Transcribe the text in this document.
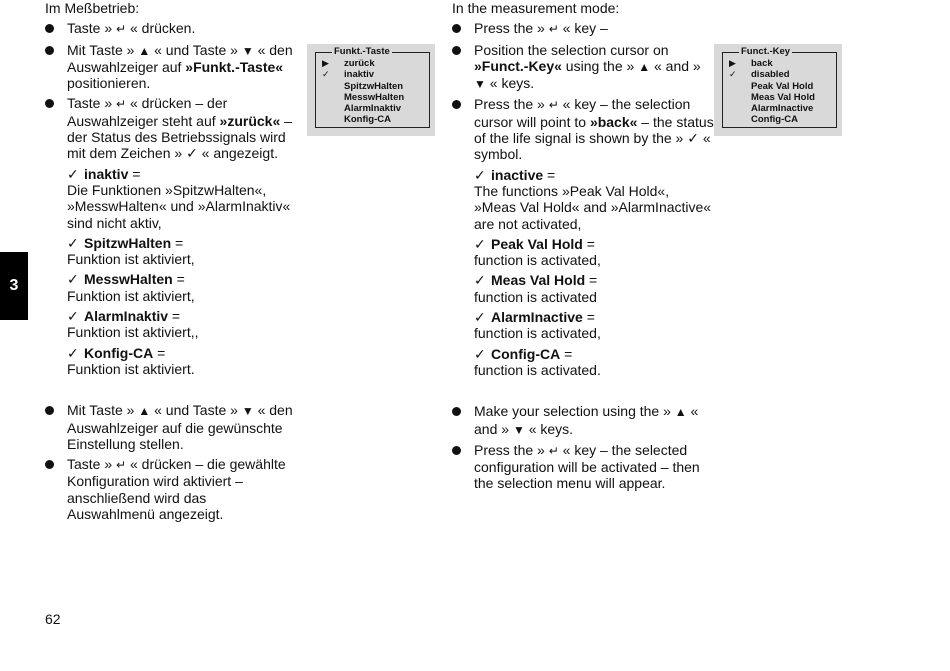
3

Im Meßbetrieb:

Taste » ↵ « drücken.

Mit Taste » ▲ « und Taste » ▼ « den Auswahlzeiger auf »Funkt.-Taste« positionieren.

Taste » ↵ « drücken – der Auswahlzeiger steht auf »zurück« – der Status des Betriebssignals wird mit dem Zeichen » ✓ « angezeigt.

✓ inaktiv =
Die Funktionen »SpitzwHalten«, »MesswHalten« und »AlarmInaktiv« sind nicht aktiv,

✓ SpitzwHalten =
Funktion ist aktiviert,

✓ MesswHalten =
Funktion ist aktiviert,

✓ AlarmInaktiv =
Funktion ist aktiviert,,

✓ Konfig-CA =
Funktion ist aktiviert.

Mit Taste » ▲ « und Taste » ▼ « den Auswahlzeiger auf die gewünschte Einstellung stellen.

Taste » ↵ « drücken – die gewählte Konfiguration wird aktiviert – anschließend wird das Auswahlmenü angezeigt.

Funkt.-Taste
▶ zurück
✓ inaktiv
SpitzwHalten
MesswHalten
AlarmInaktiv
Konfig-CA

In the measurement mode:

Press the » ↵ « key –

Position the selection cursor on »Funct.-Key« using the » ▲ « and » ▼ « keys.

Press the » ↵ « key – the selection cursor will point to »back« – the status of the life signal is shown by the » ✓ « symbol.

✓ inactive =
The functions »Peak Val Hold«, »Meas Val Hold« and »AlarmInactive« are not activated,

✓ Peak Val Hold =
function is activated,

✓ Meas Val Hold =
function is activated

✓ AlarmInactive =
function is activated,

✓ Config-CA =
function is activated.

Make your selection using the » ▲ « and » ▼ « keys.

Press the » ↵ « key – the selected configuration will be activated – then the selection menu will appear.

Funct.-Key
▶ back
✓ disabled
Peak Val Hold
Meas Val Hold
AlarmInactive
Config-CA
62
